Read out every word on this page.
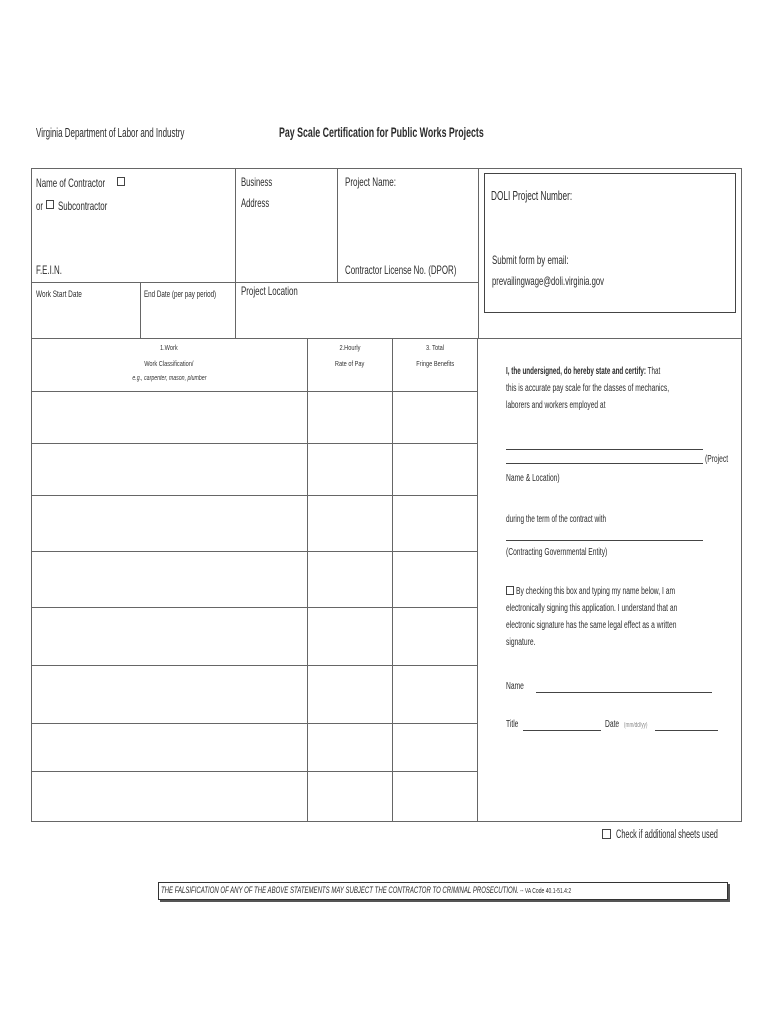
Virginia Department of Labor and Industry	Pay Scale Certification for Public Works Projects
Name of Contractor
or Subcontractor
F.E.I.N.
Business
Address
Project Name:
Contractor License No. (DPOR)
Project Location
Work Start Date	End Date (per pay period)
DOLI Project Number:
Submit form by email:
prevailingwage@doli.virginia.gov
1.Work
Work Classification/
e.g., carpenter, mason, plumber
2.Hourly
Rate of Pay
3. Total
Fringe Benefits
I, the undersigned, do hereby state and certify: That
this is accurate pay scale for the classes of mechanics,
laborers and workers employed at
(Project
Name & Location)
during the term of the contract with
(Contracting Governmental Entity)
By checking this box and typing my name below, I am
electronically signing this application. I understand that an
electronic signature has the same legal effect as a written
signature.
Name
Title	Date (mm/dd/yy)
Check if additional sheets used
THE FALSIFICATION OF ANY OF THE ABOVE STATEMENTS MAY SUBJECT THE CONTRACTOR TO CRIMINAL PROSECUTION. -- VA Code 40.1-51.4:2
